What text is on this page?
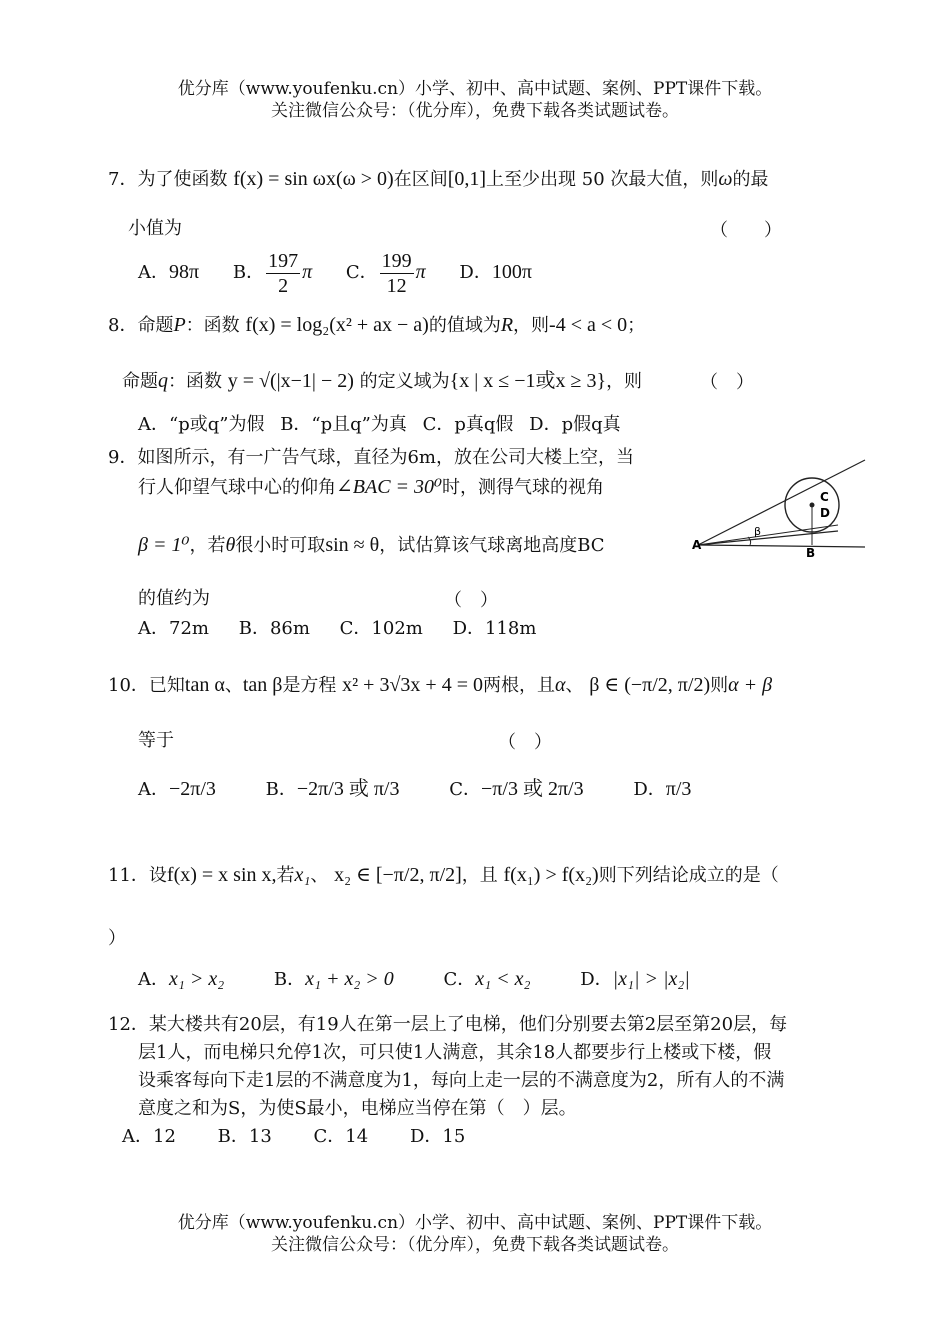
优分库（www.youfenku.cn）小学、初中、高中试题、案例、PPT课件下载。
关注微信公众号：（优分库），免费下载各类试题试卷。
7．为了使函数 f(x) = sin ωx(ω > 0)在区间[0,1]上至少出现 50 次最大值，则ω的最
小值为	（　　）
A．98π B． $\frac{197}{2}$ π C． $\frac{199}{12}$ π D．100π
8．命题P：函数 f(x) = log₂(x² + ax − a)的值域为R，则-4 < a < 0；
命题q：函数 y = √(|x−1| − 2) 的定义域为{x | x ≤ −1或x ≥ 3}，则	（　）
A．“p或q”为假 B．“p且q”为真 C．p真q假 D．p假q真
9．如图所示，有一广告气球，直径为6m，放在公司大楼上空，当
行人仰望气球中心的仰角∠BAC = 30⁰时，测得气球的视角
β = 1⁰，若θ很小时可取sin ≈ θ，试估算该气球离地高度BC
的值约为	（　）
A．72m B．86m C．102m D．118m
A
B
C
D
β
10．已知tan α、tan β是方程 x² + 3√3x + 4 = 0两根，且α、 β ∈ (−π/2, π/2)则α + β
等于	（　）
A．−2π/3	B．−2π/3 或 π/3	C．−π/3 或 2π/3	D．π/3
11．设f(x) = x sin x,若x₁、 x₂ ∈ [−π/2, π/2]，且 f(x₁) > f(x₂)则下列结论成立的是（
）
A．x₁ > x₂	B．x₁ + x₂ > 0	C．x₁ < x₂	D．|x₁| > |x₂|
12．某大楼共有20层，有19人在第一层上了电梯，他们分别要去第2层至第20层，每
层1人，而电梯只允停1次，可只使1人满意，其余18人都要步行上楼或下楼，假
设乘客每向下走1层的不满意度为1，每向上走一层的不满意度为2，所有人的不满
意度之和为S，为使S最小，电梯应当停在第（　）层。
A．12 B．13 C．14 D．15
优分库（www.youfenku.cn）小学、初中、高中试题、案例、PPT课件下载。
关注微信公众号：（优分库），免费下载各类试题试卷。
